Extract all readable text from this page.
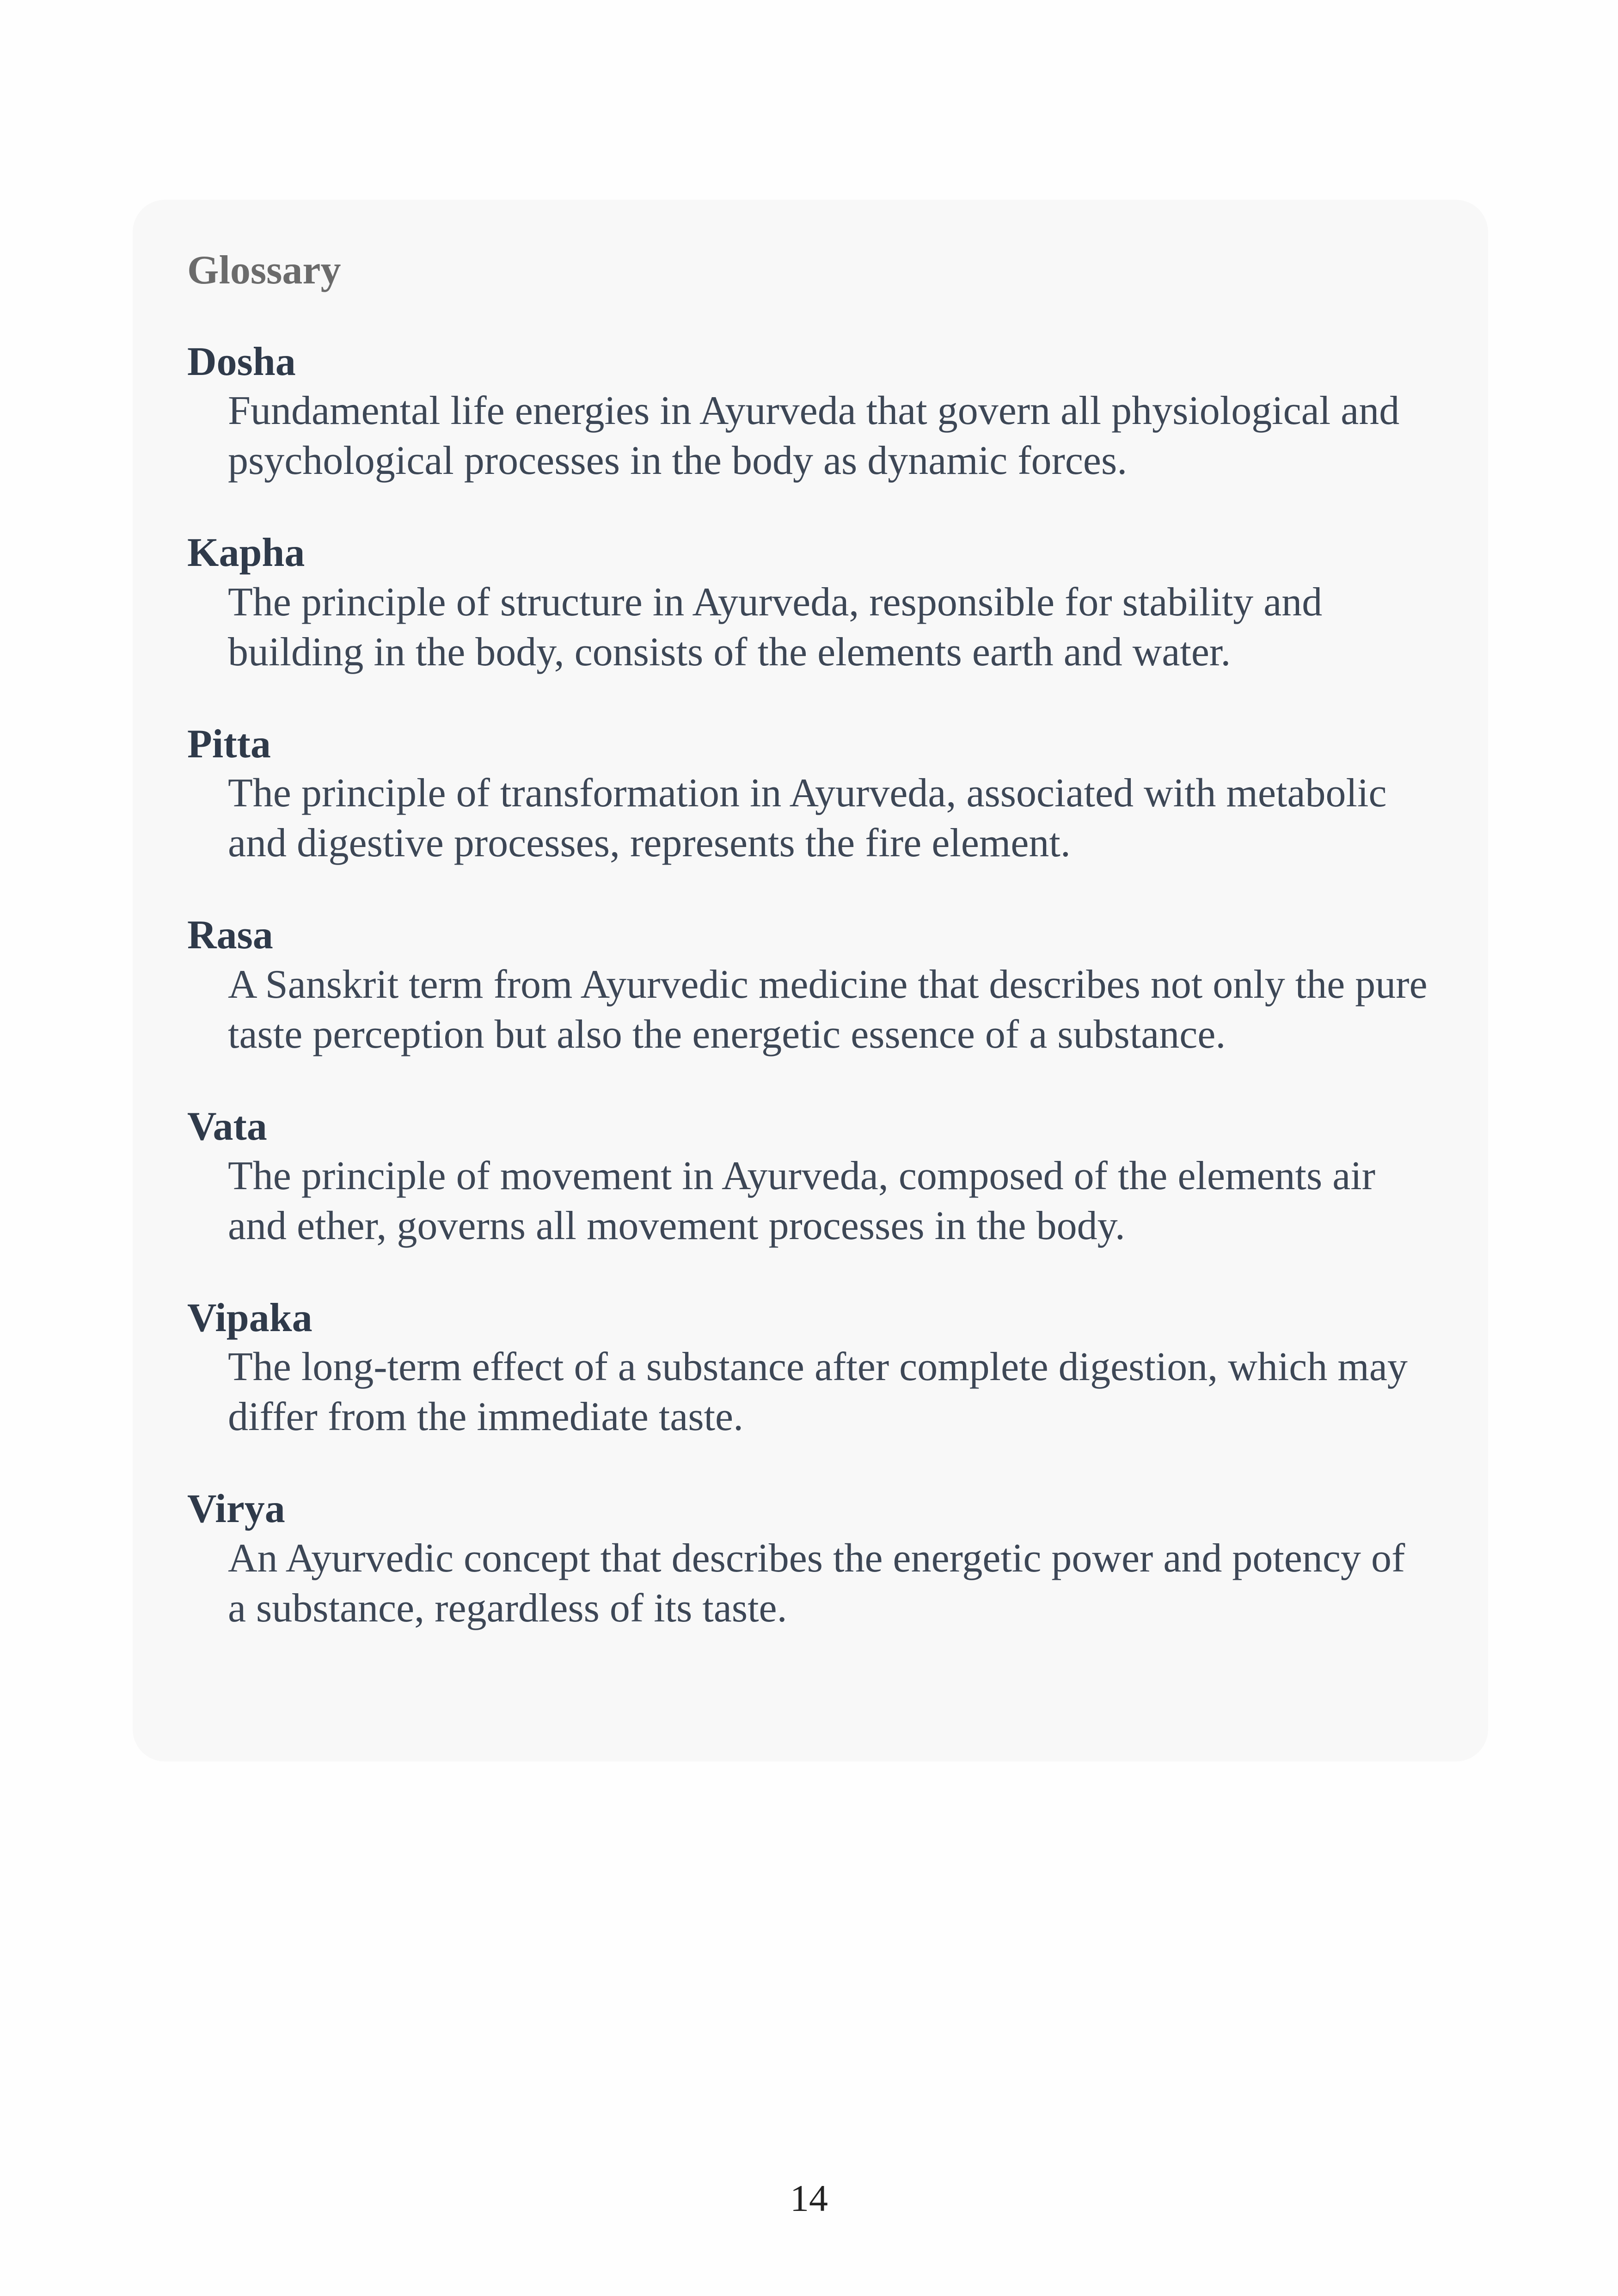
Glossary
Dosha
Fundamental life energies in Ayurveda that govern all physiological and psychological processes in the body as dynamic forces.
Kapha
The principle of structure in Ayurveda, responsible for stability and building in the body, consists of the elements earth and water.
Pitta
The principle of transformation in Ayurveda, associated with metabolic and digestive processes, represents the fire element.
Rasa
A Sanskrit term from Ayurvedic medicine that describes not only the pure taste perception but also the energetic essence of a substance.
Vata
The principle of movement in Ayurveda, composed of the elements air and ether, governs all movement processes in the body.
Vipaka
The long-term effect of a substance after complete digestion, which may differ from the immediate taste.
Virya
An Ayurvedic concept that describes the energetic power and potency of a substance, regardless of its taste.
14
